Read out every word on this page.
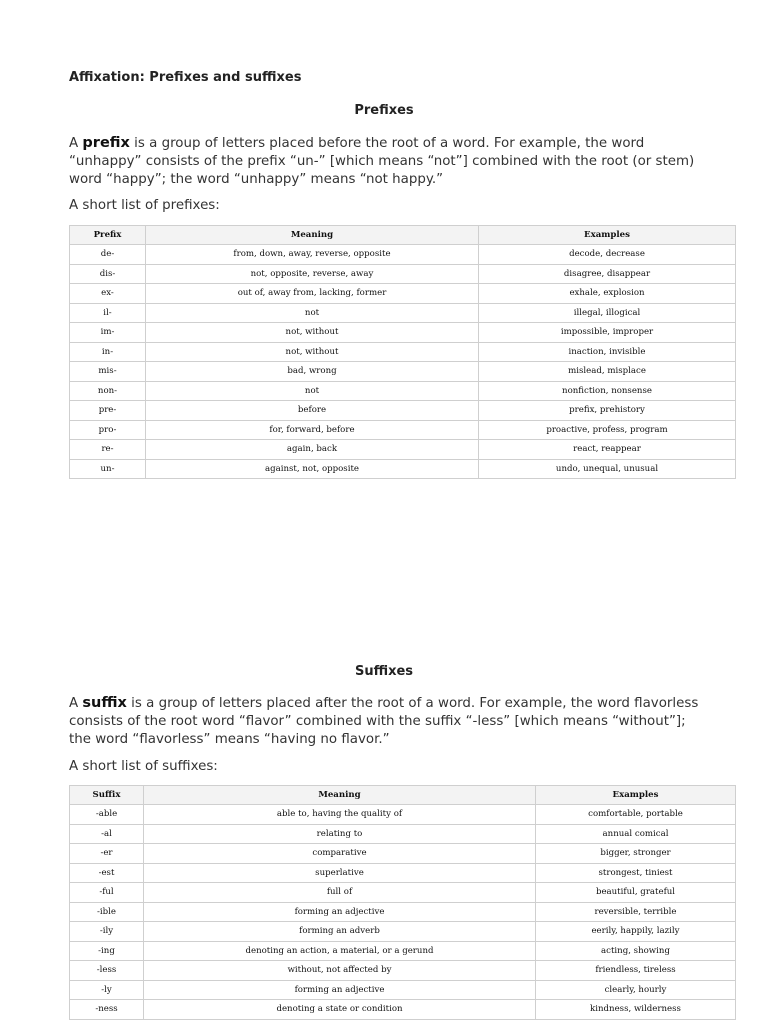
Affixation: Prefixes and suffixes
Prefixes

A prefix is a group of letters placed before the root of a word. For example, the word “unhappy” consists of the prefix “un-” [which means “not”] combined with the root (or stem) word “happy”; the word “unhappy” means “not happy.”

A short list of prefixes:
Prefix	Meaning	Examples
de-	from, down, away, reverse, opposite	decode, decrease
dis-	not, opposite, reverse, away	disagree, disappear
ex-	out of, away from, lacking, former	exhale, explosion
il-	not	illegal, illogical
im-	not, without	impossible, improper
in-	not, without	inaction, invisible
mis-	bad, wrong	mislead, misplace
non-	not	nonfiction, nonsense
pre-	before	prefix, prehistory
pro-	for, forward, before	proactive, profess, program
re-	again, back	react, reappear
un-	against, not, opposite	undo, unequal, unusual
Suffixes

A suffix is a group of letters placed after the root of a word. For example, the word flavorless consists of the root word “flavor” combined with the suffix “-less” [which means “without”]; the word “flavorless” means “having no flavor.”

A short list of suffixes:
Suffix	Meaning	Examples
-able	able to, having the quality of	comfortable, portable
-al	relating to	annual comical
-er	comparative	bigger, stronger
-est	superlative	strongest, tiniest
-ful	full of	beautiful, grateful
-ible	forming an adjective	reversible, terrible
-ily	forming an adverb	eerily, happily, lazily
-ing	denoting an action, a material, or a gerund	acting, showing
-less	without, not affected by	friendless, tireless
-ly	forming an adjective	clearly, hourly
-ness	denoting a state or condition	kindness, wilderness
